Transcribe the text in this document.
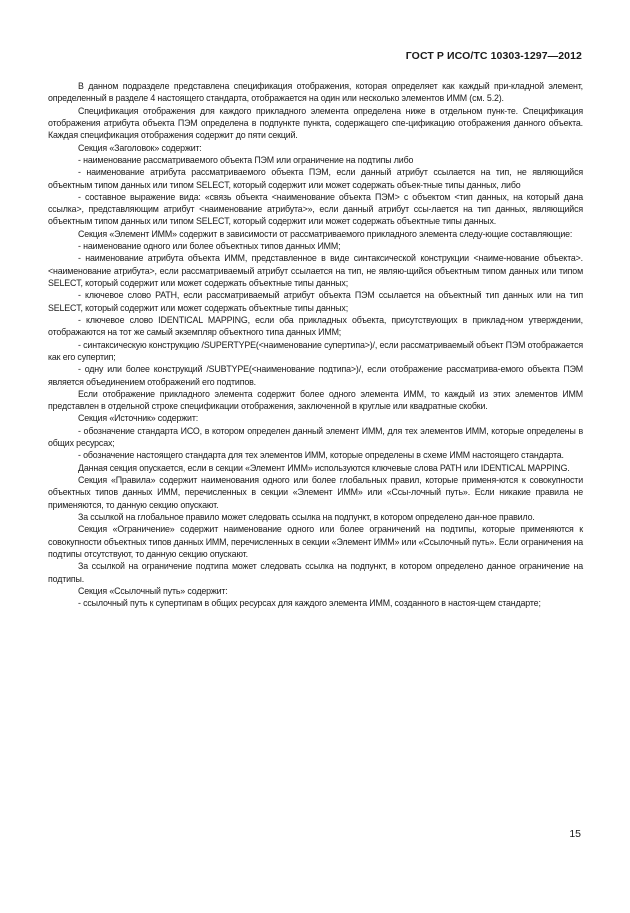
ГОСТ Р ИСО/ТС 10303-1297—2012

В данном подразделе представлена спецификация отображения, которая определяет как каждый при-кладной элемент, определенный в разделе 4 настоящего стандарта, отображается на один или несколько элементов ИММ (см. 5.2).

Спецификация отображения для каждого прикладного элемента определена ниже в отдельном пунк-те. Спецификация отображения атрибута объекта ПЭМ определена в подпункте пункта, содержащего спе-цификацию отображения данного объекта. Каждая спецификация отображения содержит до пяти секций.

Секция «Заголовок» содержит:

- наименование рассматриваемого объекта ПЭМ или ограничение на подтипы либо

- наименование атрибута рассматриваемого объекта ПЭМ, если данный атрибут ссылается на тип, не являющийся объектным типом данных или типом SELECT, который содержит или может содержать объек-тные типы данных, либо

- составное выражение вида: «связь объекта <наименование объекта ПЭМ> с объектом <тип данных, на который дана ссылка>, представляющим атрибут <наименование атрибута>», если данный атрибут ссы-лается на тип данных, являющийся объектным типом данных или типом SELECT, который содержит или может содержать объектные типы данных.

Секция «Элемент ИММ» содержит в зависимости от рассматриваемого прикладного элемента следу-ющие составляющие:

- наименование одного или более объектных типов данных ИММ;

- наименование атрибута объекта ИММ, представленное в виде синтаксической конструкции <наиме-нование объекта>.<наименование атрибута>, если рассматриваемый атрибут ссылается на тип, не являю-щийся объектным типом данных или типом SELECT, который содержит или может содержать объектные типы данных;

- ключевое слово PATH, если рассматриваемый атрибут объекта ПЭМ ссылается на объектный тип данных или на тип SELECT, который содержит или может содержать объектные типы данных;

- ключевое слово IDENTICAL MAPPING, если оба прикладных объекта, присутствующих в приклад-ном утверждении, отображаются на тот же самый экземпляр объектного типа данных ИММ;

- синтаксическую конструкцию /SUPERTYPE(<наименование супертипа>)/, если рассматриваемый объект ПЭМ отображается как его супертип;

- одну или более конструкций /SUBTYPE(<наименование подтипа>)/, если отображение рассматрива-емого объекта ПЭМ является объединением отображений его подтипов.

Если отображение прикладного элемента содержит более одного элемента ИММ, то каждый из этих элементов ИММ представлен в отдельной строке спецификации отображения, заключенной в круглые или квадратные скобки.

Секция «Источник» содержит:

- обозначение стандарта ИСО, в котором определен данный элемент ИММ, для тех элементов ИММ, которые определены в общих ресурсах;

- обозначение настоящего стандарта для тех элементов ИММ, которые определены в схеме ИММ настоящего стандарта.

Данная секция опускается, если в секции «Элемент ИММ» используются ключевые слова PATH или IDENTICAL MAPPING.

Секция «Правила» содержит наименования одного или более глобальных правил, которые применя-ются к совокупности объектных типов данных ИММ, перечисленных в секции «Элемент ИММ» или «Ссы-лочный путь». Если никакие правила не применяются, то данную секцию опускают.

За ссылкой на глобальное правило может следовать ссылка на подпункт, в котором определено дан-ное правило.

Секция «Ограничение» содержит наименование одного или более ограничений на подтипы, которые применяются к совокупности объектных типов данных ИММ, перечисленных в секции «Элемент ИММ» или «Ссылочный путь». Если ограничения на подтипы отсутствуют, то данную секцию опускают.

За ссылкой на ограничение подтипа может следовать ссылка на подпункт, в котором определено данное ограничение на подтипы.

Секция «Ссылочный путь» содержит:

- ссылочный путь к супертипам в общих ресурсах для каждого элемента ИММ, созданного в настоя-щем стандарте;

15
